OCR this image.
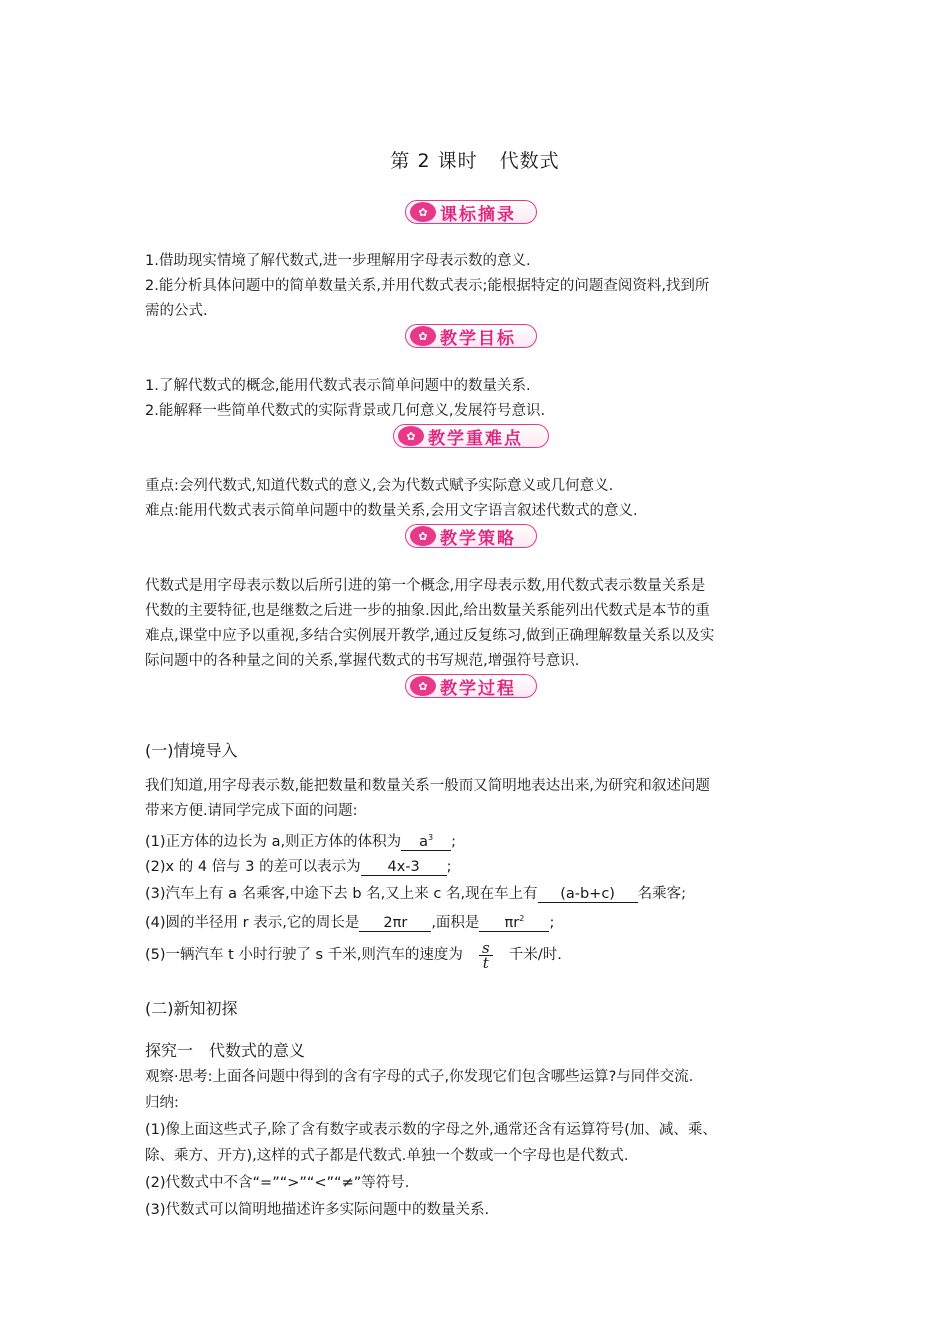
第 2 课时 代数式
✿ 课标摘录
1.借助现实情境了解代数式,进一步理解用字母表示数的意义.
2.能分析具体问题中的简单数量关系,并用代数式表示;能根据特定的问题查阅资料,找到所
需的公式.
✿ 教学目标
1.了解代数式的概念,能用代数式表示简单问题中的数量关系.
2.能解释一些简单代数式的实际背景或几何意义,发展符号意识.
✿ 教学重难点
重点:会列代数式,知道代数式的意义,会为代数式赋予实际意义或几何意义.
难点:能用代数式表示简单问题中的数量关系,会用文字语言叙述代数式的意义.
✿ 教学策略
代数式是用字母表示数以后所引进的第一个概念,用字母表示数,用代数式表示数量关系是
代数的主要特征,也是继数之后进一步的抽象.因此,给出数量关系能列出代数式是本节的重
难点,课堂中应予以重视,多结合实例展开教学,通过反复练习,做到正确理解数量关系以及实
际问题中的各种量之间的关系,掌握代数式的书写规范,增强符号意识.
✿ 教学过程
(一)情境导入
我们知道,用字母表示数,能把数量和数量关系一般而又简明地表达出来,为研究和叙述问题
带来方便.请同学完成下面的问题:
(1)正方体的边长为 a,则正方体的体积为 $a^3$ ;
(2)x 的 4 倍与 3 的差可以表示为 4x-3 ;
(3)汽车上有 a 名乘客,中途下去 b 名,又上来 c 名,现在车上有 (a-b+c) 名乘客;
(4)圆的半径用 r 表示,它的周长是 2πr ,面积是 $\pi r^2$ ;
(5)一辆汽车 t 小时行驶了 s 千米,则汽车的速度为 $\frac{s}{t}$ 千米/时.
(二)新知初探
探究一　代数式的意义
观察·思考:上面各问题中得到的含有字母的式子,你发现它们包含哪些运算?与同伴交流.
归纳:
(1)像上面这些式子,除了含有数字或表示数的字母之外,通常还含有运算符号(加、减、乘、
除、乘方、开方),这样的式子都是代数式.单独一个数或一个字母也是代数式.
(2)代数式中不含“=”“>”“<”“≠”等符号.
(3)代数式可以简明地描述许多实际问题中的数量关系.
